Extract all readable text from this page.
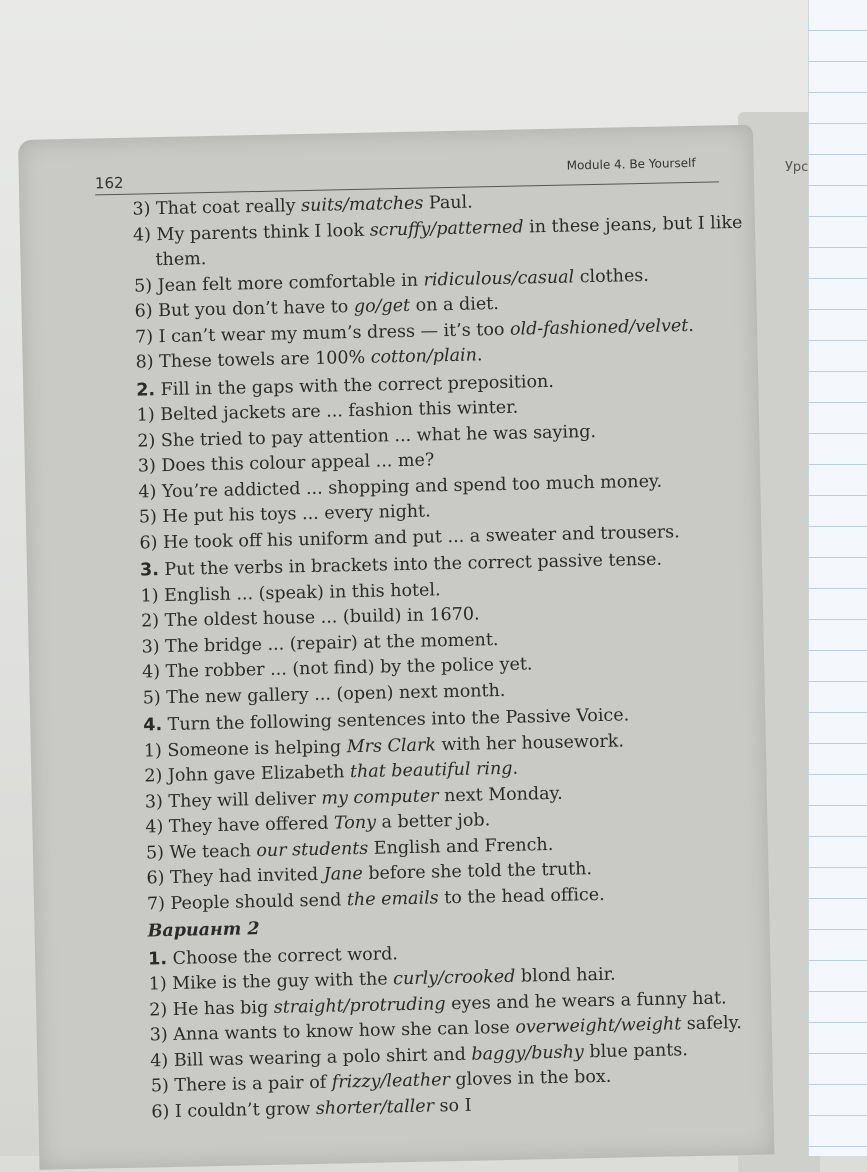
Урс
162
Module 4. Be Yourself
3) That coat really suits/matches Paul.
4) My parents think I look scruffy/patterned in these jeans, but I like
them.
5) Jean felt more comfortable in ridiculous/casual clothes.
6) But you don’t have to go/get on a diet.
7) I can’t wear my mum’s dress — it’s too old-fashioned/velvet.
8) These towels are 100% cotton/plain.
2. Fill in the gaps with the correct preposition.
1) Belted jackets are ... fashion this winter.
2) She tried to pay attention ... what he was saying.
3) Does this colour appeal ... me?
4) You’re addicted ... shopping and spend too much money.
5) He put his toys ... every night.
6) He took off his uniform and put ... a sweater and trousers.
3. Put the verbs in brackets into the correct passive tense.
1) English ... (speak) in this hotel.
2) The oldest house ... (build) in 1670.
3) The bridge ... (repair) at the moment.
4) The robber ... (not find) by the police yet.
5) The new gallery ... (open) next month.
4. Turn the following sentences into the Passive Voice.
1) Someone is helping Mrs Clark with her housework.
2) John gave Elizabeth that beautiful ring.
3) They will deliver my computer next Monday.
4) They have offered Tony a better job.
5) We teach our students English and French.
6) They had invited Jane before she told the truth.
7) People should send the emails to the head office.
Вариант 2
1. Choose the correct word.
1) Mike is the guy with the curly/crooked blond hair.
2) He has big straight/protruding eyes and he wears a funny hat.
3) Anna wants to know how she can lose overweight/weight safely.
4) Bill was wearing a polo shirt and baggy/bushy blue pants.
5) There is a pair of frizzy/leather gloves in the box.
6) I couldn’t grow shorter/taller so I
